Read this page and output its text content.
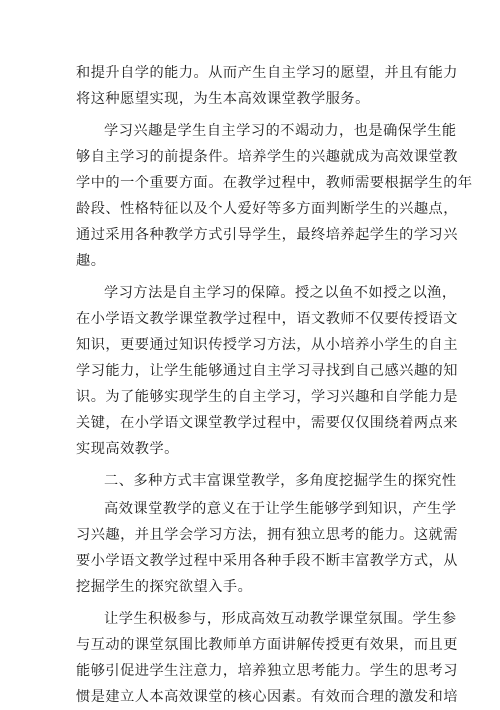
和提升自学的能力。从而产生自主学习的愿望，并且有能力
将这种愿望实现，为生本高效课堂教学服务。
学习兴趣是学生自主学习的不竭动力，也是确保学生能
够自主学习的前提条件。培养学生的兴趣就成为高效课堂教
学中的一个重要方面。在教学过程中，教师需要根据学生的年
龄段、性格特征以及个人爱好等多方面判断学生的兴趣点，
通过采用各种教学方式引导学生，最终培养起学生的学习兴
趣。
学习方法是自主学习的保障。授之以鱼不如授之以渔，
在小学语文教学课堂教学过程中，语文教师不仅要传授语文
知识，更要通过知识传授学习方法，从小培养小学生的自主
学习能力，让学生能够通过自主学习寻找到自己感兴趣的知
识。为了能够实现学生的自主学习，学习兴趣和自学能力是
关键，在小学语文课堂教学过程中，需要仅仅围绕着两点来
实现高效教学。
二、多种方式丰富课堂教学，多角度挖掘学生的探究性
高效课堂教学的意义在于让学生能够学到知识，产生学
习兴趣，并且学会学习方法，拥有独立思考的能力。这就需
要小学语文教学过程中采用各种手段不断丰富教学方式，从
挖掘学生的探究欲望入手。
让学生积极参与，形成高效互动教学课堂氛围。学生参
与互动的课堂氛围比教师单方面讲解传授更有效果，而且更
能够引促进学生注意力，培养独立思考能力。学生的思考习
惯是建立人本高效课堂的核心因素。有效而合理的激发和培
